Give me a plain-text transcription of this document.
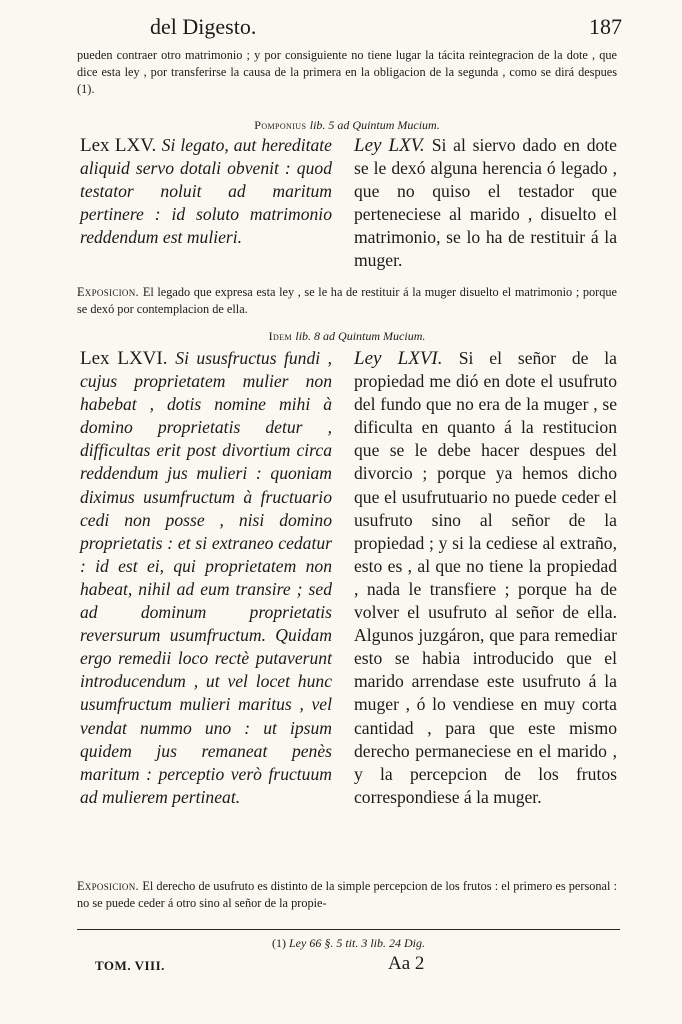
del Digesto.	187
pueden contraer otro matrimonio ; y por consiguiente no tiene lugar la tácita reintegracion de la dote , que dice esta ley , por transferirse la causa de la primera en la obligacion de la segunda , como se dirá despues (1).
Pomponius lib. 5 ad Quintum Mucium.
Lex LXV. Si legato, aut hereditate aliquid servo dotali obvenit : quod testator noluit ad maritum pertinere : id soluto matrimonio reddendum est mulieri.
Ley LXV. Si al siervo dado en dote se le dexó alguna herencia ó legado , que no quiso el testador que perteneciese al marido , disuelto el matrimonio, se lo ha de restituir á la muger.
Exposicion. El legado que expresa esta ley , se le ha de restituir á la muger disuelto el matrimonio ; porque se dexó por contemplacion de ella.
Idem lib. 8 ad Quintum Mucium.
Lex LXVI. Si ususfructus fundi , cujus proprietatem mulier non habebat , dotis nomine mihi à domino proprietatis detur , difficultas erit post divortium circa reddendum jus mulieri : quoniam diximus usumfructum à fructuario cedi non posse , nisi domino proprietatis : et si extraneo cedatur : id est ei, qui proprietatem non habeat, nihil ad eum transire ; sed ad dominum proprietatis reversurum usumfructum. Quidam ergo remedii loco rectè putaverunt introducendum , ut vel locet hunc usumfructum mulieri maritus , vel vendat nummo uno : ut ipsum quidem jus remaneat penès maritum : perceptio verò fructuum ad mulierem pertineat.
Ley LXVI. Si el señor de la propiedad me dió en dote el usufruto del fundo que no era de la muger , se dificulta en quanto á la restitucion que se le debe hacer despues del divorcio ; porque ya hemos dicho que el usufrutuario no puede ceder el usufruto sino al señor de la propiedad ; y si la cediese al extraño, esto es , al que no tiene la propiedad , nada le transfiere ; porque ha de volver el usufruto al señor de ella. Algunos juzgáron, que para remediar esto se habia introducido que el marido arrendase este usufruto á la muger , ó lo vendiese en muy corta cantidad , para que este mismo derecho permaneciese en el marido , y la percepcion de los frutos correspondiese á la muger.
Exposicion. El derecho de usufruto es distinto de la simple percepcion de los frutos : el primero es personal : no se puede ceder á otro sino al señor de la propie-
(1) Ley 66 §. 5 tit. 3 lib. 24 Dig.
TOM. VIII.	Aa 2
